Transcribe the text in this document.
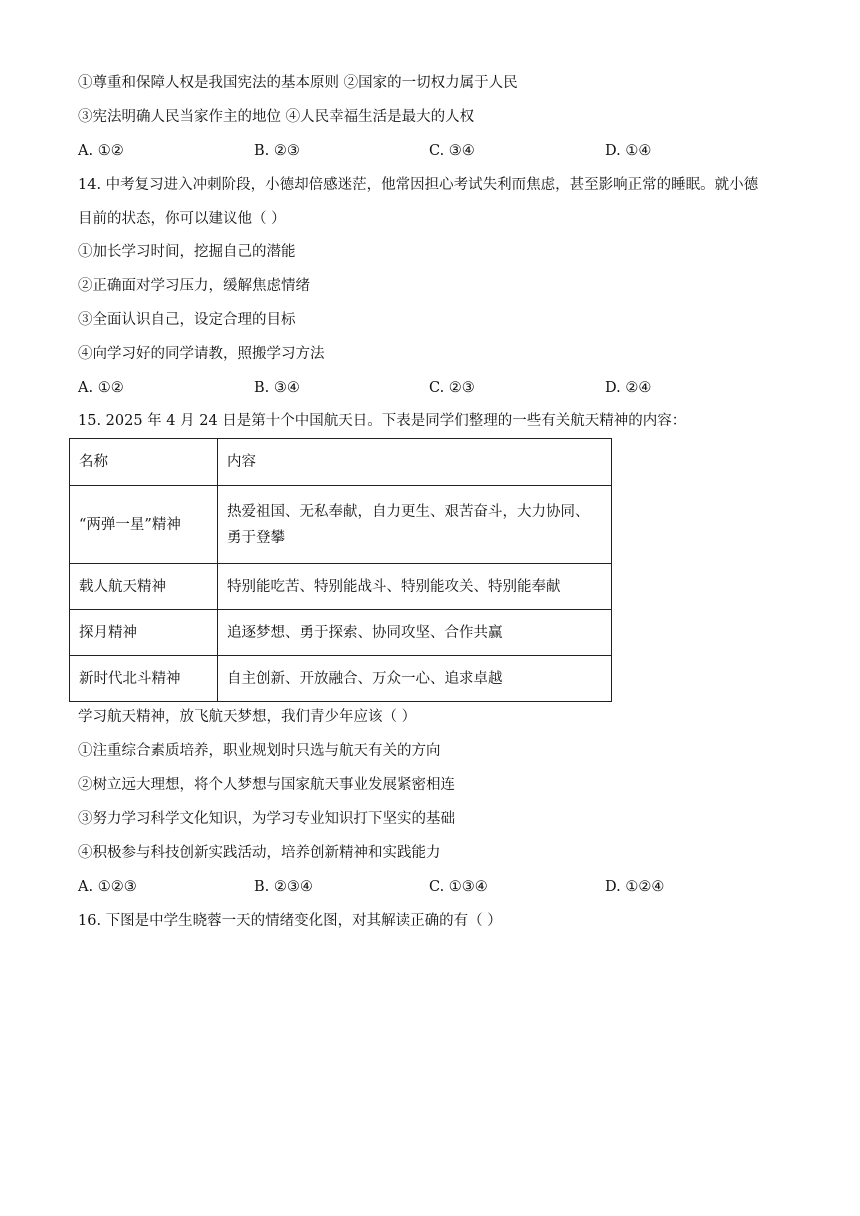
①尊重和保障人权是我国宪法的基本原则 ②国家的一切权力属于人民
③宪法明确人民当家作主的地位 ④人民幸福生活是最大的人权
A. ①②	B. ②③	C. ③④	D. ①④
14. 中考复习进入冲刺阶段，小德却倍感迷茫，他常因担心考试失利而焦虑，甚至影响正常的睡眠。就小德
目前的状态，你可以建议他（ ）
①加长学习时间，挖掘自己的潜能
②正确面对学习压力，缓解焦虑情绪
③全面认识自己，设定合理的目标
④向学习好的同学请教，照搬学习方法
A. ①②	B. ③④	C. ②③	D. ②④
15. 2025 年 4 月 24 日是第十个中国航天日。下表是同学们整理的一些有关航天精神的内容：
名称	内容
“两弹一星”精神	热爱祖国、无私奉献，自力更生、艰苦奋斗，大力协同、
勇于登攀

载人航天精神	特别能吃苦、特别能战斗、特别能攻关、特别能奉献
探月精神	追逐梦想、勇于探索、协同攻坚、合作共赢
新时代北斗精神	自主创新、开放融合、万众一心、追求卓越
学习航天精神，放飞航天梦想，我们青少年应该（ ）
①注重综合素质培养，职业规划时只选与航天有关的方向
②树立远大理想，将个人梦想与国家航天事业发展紧密相连
③努力学习科学文化知识，为学习专业知识打下坚实的基础
④积极参与科技创新实践活动，培养创新精神和实践能力
A. ①②③	B. ②③④	C. ①③④	D. ①②④
16. 下图是中学生晓蓉一天的情绪变化图，对其解读正确的有（ ）
